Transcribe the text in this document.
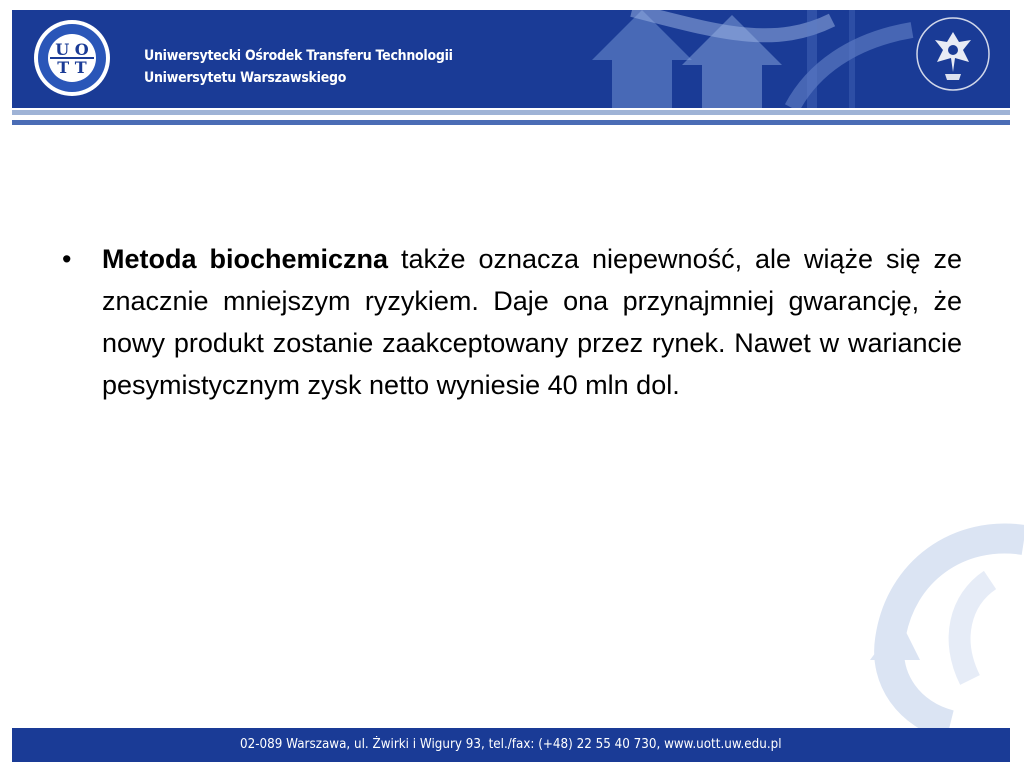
U O
T T
Uniwersytecki Ośrodek Transferu Technologii
Uniwersytetu Warszawskiego
•	Metoda biochemiczna także oznacza niepewność, ale wiąże się ze znacznie mniejszym ryzykiem. Daje ona przynajmniej gwarancję, że nowy produkt zostanie zaakceptowany przez rynek. Nawet w wariancie pesymistycznym zysk netto wyniesie 40 mln dol.
02-089 Warszawa, ul. Żwirki i Wigury 93, tel./fax: (+48) 22 55 40 730, www.uott.uw.edu.pl
